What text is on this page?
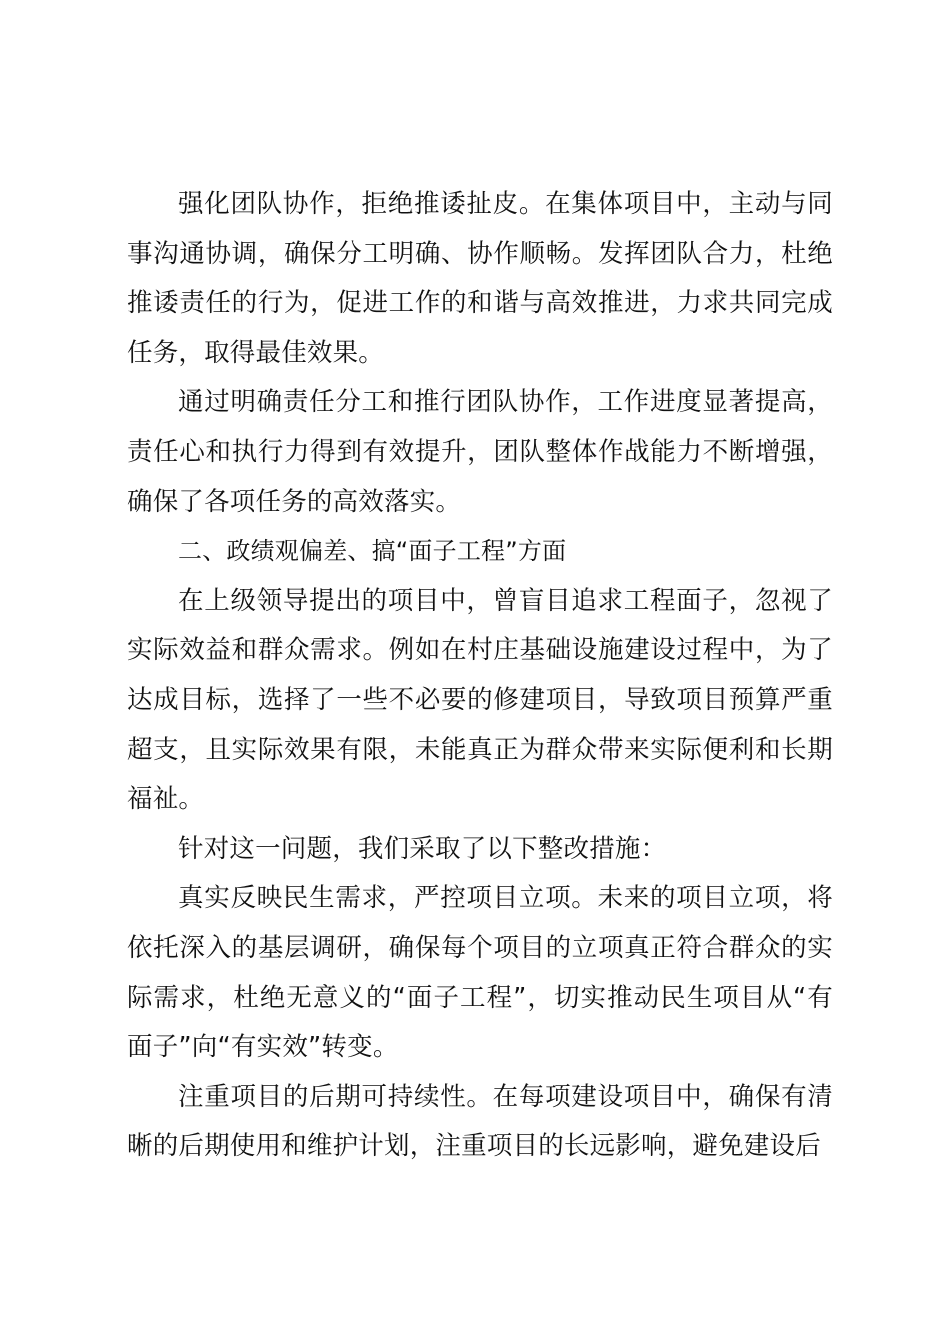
强化团队协作，拒绝推诿扯皮。在集体项目中，主动与同事沟通协调，确保分工明确、协作顺畅。发挥团队合力，杜绝推诿责任的行为，促进工作的和谐与高效推进，力求共同完成任务，取得最佳效果。

通过明确责任分工和推行团队协作，工作进度显著提高，责任心和执行力得到有效提升，团队整体作战能力不断增强，确保了各项任务的高效落实。

二、政绩观偏差、搞“面子工程”方面

在上级领导提出的项目中，曾盲目追求工程面子，忽视了实际效益和群众需求。例如在村庄基础设施建设过程中，为了达成目标，选择了一些不必要的修建项目，导致项目预算严重超支，且实际效果有限，未能真正为群众带来实际便利和长期福祉。

针对这一问题，我们采取了以下整改措施：

真实反映民生需求，严控项目立项。未来的项目立项，将依托深入的基层调研，确保每个项目的立项真正符合群众的实际需求，杜绝无意义的“面子工程”，切实推动民生项目从“有面子”向“有实效”转变。

注重项目的后期可持续性。在每项建设项目中，确保有清晰的后期使用和维护计划，注重项目的长远影响，避免建设后
